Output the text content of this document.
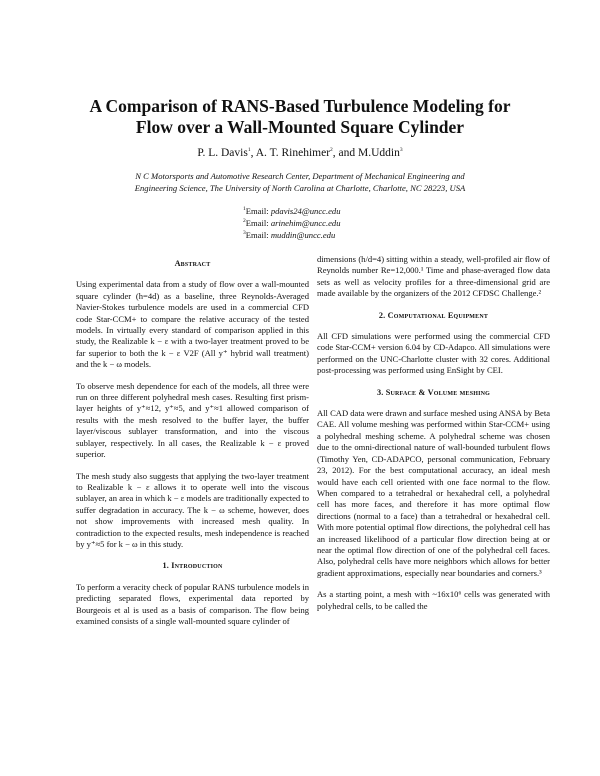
A Comparison of RANS-Based Turbulence Modeling for
Flow over a Wall-Mounted Square Cylinder
P. L. Davis$^1$, A. T. Rinehimer$^2$, and M.Uddin$^3$
N C Motorsports and Automotive Research Center, Department of Mechanical Engineering and
Engineering Science, The University of North Carolina at Charlotte, Charlotte, NC 28223, USA
$^1$Email: pdavis24@uncc.edu
$^2$Email: arinehim@uncc.edu
$^3$Email: muddin@uncc.edu
Abstract

Using experimental data from a study of flow over a wall-mounted square cylinder (h=4d) as a baseline, three Reynolds-Averaged Navier-Stokes turbulence models are used in a commercial CFD code Star-CCM+ to compare the relative accuracy of the tested models. In virtually every standard of comparison applied in this study, the Realizable k − ε with a two-layer treatment proved to be far superior to both the k − ε V2F (All y⁺ hybrid wall treatment) and the k − ω models.

To observe mesh dependence for each of the models, all three were run on three different polyhedral mesh cases. Resulting first prism-layer heights of y⁺≈12, y⁺≈5, and y⁺≈1 allowed comparison of results with the mesh resolved to the buffer layer, the buffer layer/viscous sublayer transformation, and into the viscous sublayer, respectively. In all cases, the Realizable k − ε proved superior.

The mesh study also suggests that applying the two-layer treatment to Realizable k − ε allows it to operate well into the viscous sublayer, an area in which k − ε models are traditionally expected to suffer degradation in accuracy. The k − ω scheme, however, does not show improvements with increased mesh quality. In contradiction to the expected results, mesh independence is reached by y⁺≈5 for k − ω in this study.

1. Introduction

To perform a veracity check of popular RANS turbulence models in predicting separated flows, experimental data reported by Bourgeois et al is used as a basis of comparison. The flow being examined consists of a single wall-mounted square cylinder of

dimensions (h/d=4) sitting within a steady, well-profiled air flow of Reynolds number Re=12,000.¹ Time and phase-averaged flow data sets as well as velocity profiles for a three-dimensional grid are made available by the organizers of the 2012 CFDSC Challenge.²

2. Computational Equipment

All CFD simulations were performed using the commercial CFD code Star-CCM+ version 6.04 by CD-Adapco. All simulations were performed on the UNC-Charlotte cluster with 32 cores. Additional post-processing was performed using EnSight by CEI.

3. Surface & Volume meshing

All CAD data were drawn and surface meshed using ANSA by Beta CAE. All volume meshing was performed within Star-CCM+ using a polyhedral meshing scheme. A polyhedral scheme was chosen due to the omni-directional nature of wall-bounded turbulent flows (Timothy Yen, CD-ADAPCO, personal communication, February 23, 2012). For the best computational accuracy, an ideal mesh would have each cell oriented with one face normal to the flow. When compared to a tetrahedral or hexahedral cell, a polyhedral cell has more faces, and therefore it has more optimal flow directions (normal to a face) than a tetrahedral or hexahedral cell. With more potential optimal flow directions, the polyhedral cell has an increased likelihood of a particular flow direction being at or near the optimal flow direction of one of the polyhedral cell faces. Also, polyhedral cells have more neighbors which allows for better gradient approximations, especially near boundaries and corners.³

As a starting point, a mesh with ~16x10⁶ cells was generated with polyhedral cells, to be called the
